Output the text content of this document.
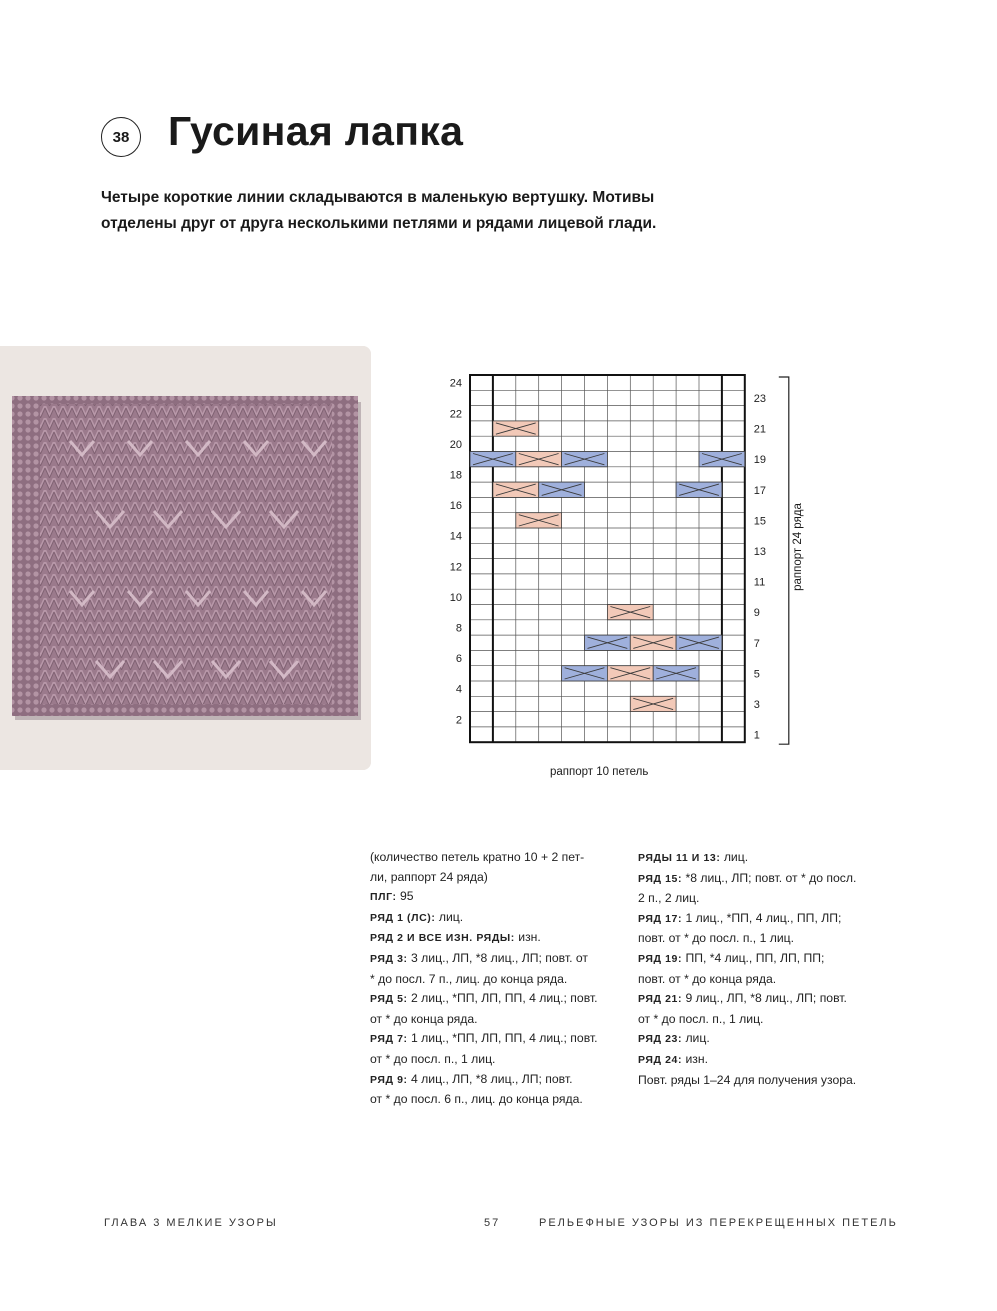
38 Гусиная лапка

Четыре короткие линии складываются в маленькую вертушку. Мотивы отделены друг от друга несколькими петлями и рядами лицевой глади.

24
22
20
18
16
14
12
10
8
6
4
2
23
21
19
17
15
13
11
9
7
5
3
1
раппорт 24 ряда
раппорт 10 петель
(количество петель кратно 10 + 2 пет-
ли, раппорт 24 ряда)
ПЛГ: 95
РЯД 1 (ЛС): лиц.
РЯД 2 И ВСЕ ИЗН. РЯДЫ: изн.
РЯД 3: 3 лиц., ЛП, *8 лиц., ЛП; повт. от
* до посл. 7 п., лиц. до конца ряда.
РЯД 5: 2 лиц., *ПП, ЛП, ПП, 4 лиц.; повт.
от * до конца ряда.
РЯД 7: 1 лиц., *ПП, ЛП, ПП, 4 лиц.; повт.
от * до посл. п., 1 лиц.
РЯД 9: 4 лиц., ЛП, *8 лиц., ЛП; повт.
от * до посл. 6 п., лиц. до конца ряда.
РЯДЫ 11 И 13: лиц.
РЯД 15: *8 лиц., ЛП; повт. от * до посл.
2 п., 2 лиц.
РЯД 17: 1 лиц., *ПП, 4 лиц., ПП, ЛП;
повт. от * до посл. п., 1 лиц.
РЯД 19: ПП, *4 лиц., ПП, ЛП, ПП;
повт. от * до конца ряда.
РЯД 21: 9 лиц., ЛП, *8 лиц., ЛП; повт.
от * до посл. п., 1 лиц.
РЯД 23: лиц.
РЯД 24: изн.
Повт. ряды 1–24 для получения узора.
ГЛАВА 3 МЕЛКИЕ УЗОРЫ	57	РЕЛЬЕФНЫЕ УЗОРЫ ИЗ ПЕРЕКРЕЩЕННЫХ ПЕТЕЛЬ
